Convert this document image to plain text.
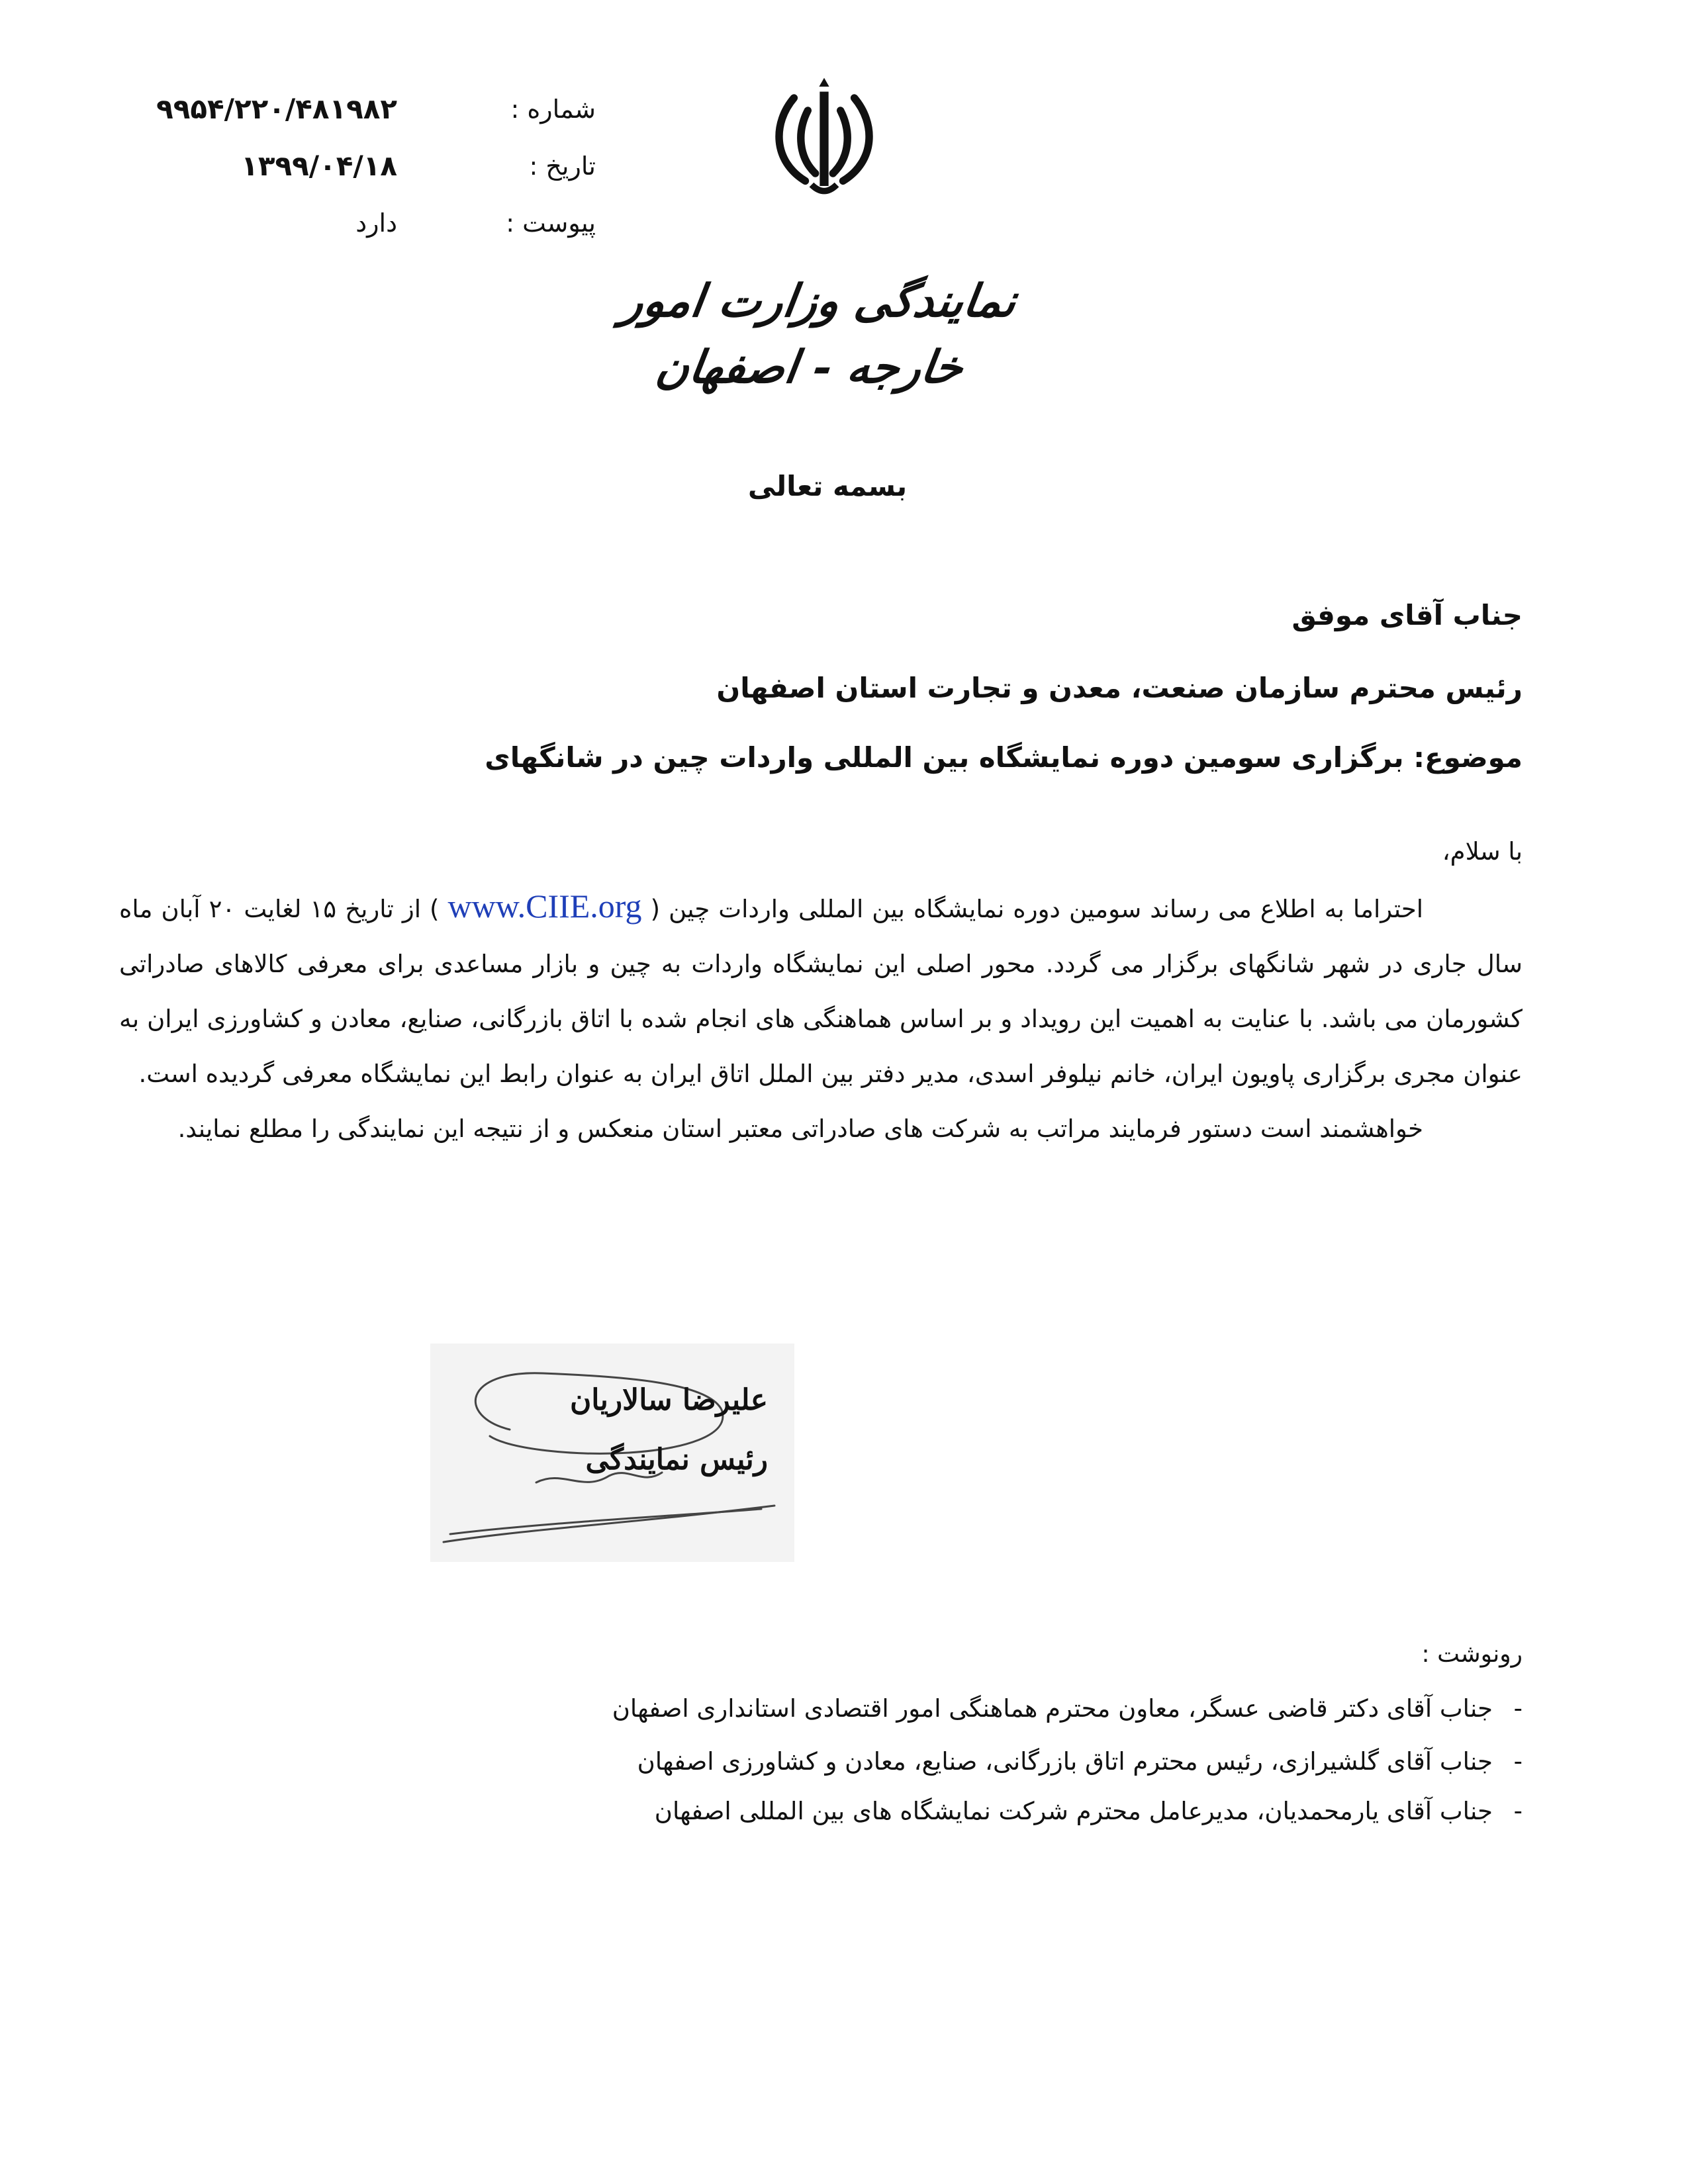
شماره :
۹۹۵۴/۲۲۰/۴۸۱۹۸۲
تاریخ :
۱۳۹۹/۰۴/۱۸
پیوست :
دارد
نمایندگی وزارت امور خارجه - اصفهان
بسمه تعالی
جناب آقای موفق
رئیس محترم سازمان صنعت، معدن و تجارت استان اصفهان
موضوع: برگزاری سومین دوره نمایشگاه بین المللی واردات چین در شانگهای

با سلام،

احتراما به اطلاع می رساند سومین دوره نمایشگاه بین المللی واردات چین ( www.CIIE.org ) از تاریخ ۱۵ لغایت ۲۰ آبان ماه سال جاری در شهر شانگهای برگزار می گردد. محور اصلی این نمایشگاه واردات به چین و بازار مساعدی برای معرفی کالاهای صادراتی کشورمان می باشد. با عنایت به اهمیت این رویداد و بر اساس هماهنگی های انجام شده با اتاق بازرگانی، صنایع، معادن و کشاورزی ایران به عنوان مجری برگزاری پاویون ایران، خانم نیلوفر اسدی، مدیر دفتر بین الملل اتاق ایران به عنوان رابط این نمایشگاه معرفی گردیده است.

خواهشمند است دستور فرمایند مراتب به شرکت های صادراتی معتبر استان منعکس و از نتیجه این نمایندگی را مطلع نمایند.

علیرضا سالاریان
رئیس نمایندگی
رونوشت :
-جناب آقای دکتر قاضی عسگر، معاون محترم هماهنگی امور اقتصادی استانداری اصفهان
-جناب آقای گلشیرازی، رئیس محترم اتاق بازرگانی، صنایع، معادن و کشاورزی اصفهان
-جناب آقای یارمحمدیان، مدیرعامل محترم شرکت نمایشگاه های بین المللی اصفهان
